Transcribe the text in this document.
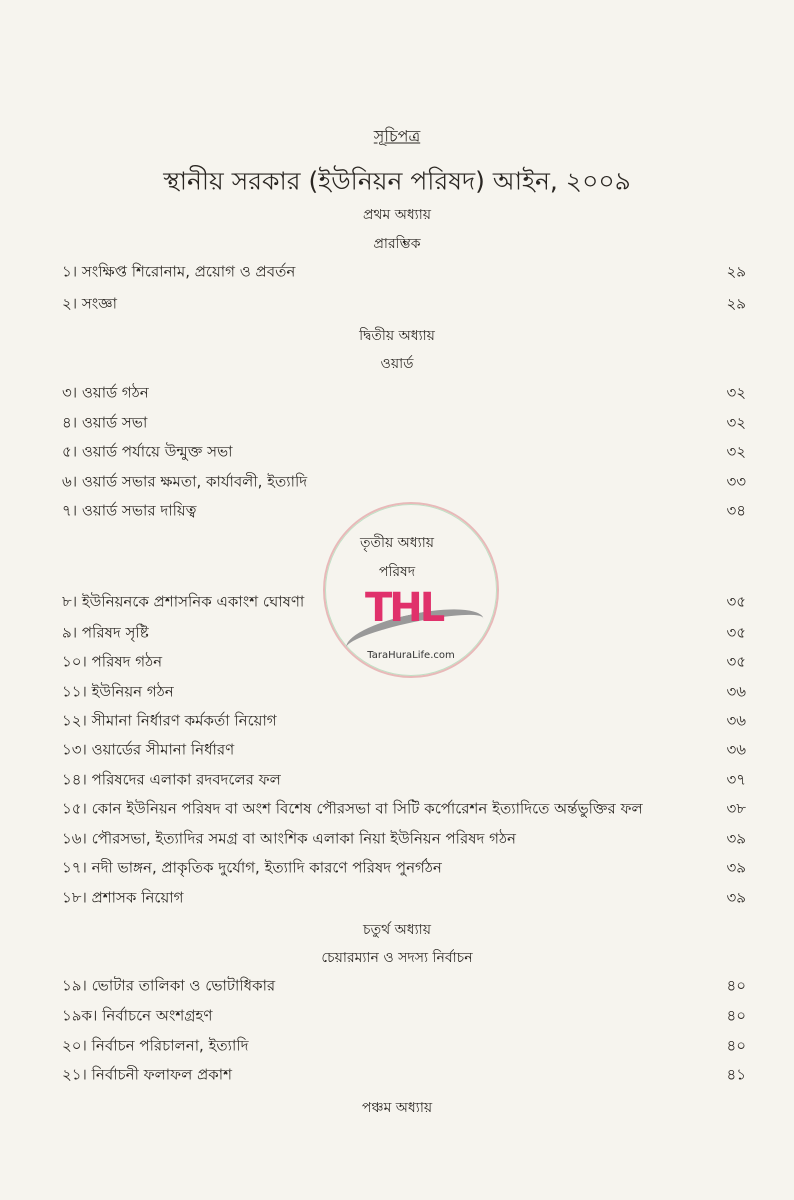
THL
TaraHuraLife.com
সূচিপত্র
স্থানীয় সরকার (ইউনিয়ন পরিষদ) আইন, ২০০৯
প্রথম অধ্যায়
প্রারম্ভিক
দ্বিতীয় অধ্যায়
ওয়ার্ড
তৃতীয় অধ্যায়
পরিষদ
চতুর্থ অধ্যায়
চেয়ারম্যান ও সদস্য নির্বাচন
পঞ্চম অধ্যায়
১। সংক্ষিপ্ত শিরোনাম, প্রয়োগ ও প্রবর্তন	২৯
২। সংজ্ঞা	২৯
৩। ওয়ার্ড গঠন	৩২
৪। ওয়ার্ড সভা	৩২
৫। ওয়ার্ড পর্যায়ে উন্মুক্ত সভা	৩২
৬। ওয়ার্ড সভার ক্ষমতা, কার্যাবলী, ইত্যাদি	৩৩
৭। ওয়ার্ড সভার দায়িত্ব	৩৪
৮। ইউনিয়নকে প্রশাসনিক একাংশ ঘোষণা	৩৫
৯। পরিষদ সৃষ্টি	৩৫
১০। পরিষদ গঠন	৩৫
১১। ইউনিয়ন গঠন	৩৬
১২। সীমানা নির্ধারণ কর্মকর্তা নিয়োগ	৩৬
১৩। ওয়ার্ডের সীমানা নির্ধারণ	৩৬
১৪। পরিষদের এলাকা রদবদলের ফল	৩৭
১৫। কোন ইউনিয়ন পরিষদ বা অংশ বিশেষ পৌরসভা বা সিটি কর্পোরেশন ইত্যাদিতে অর্ন্তভুক্তির ফল	৩৮
১৬। পৌরসভা, ইত্যাদির সমগ্র বা আংশিক এলাকা নিয়া ইউনিয়ন পরিষদ গঠন	৩৯
১৭। নদী ভাঙ্গন, প্রাকৃতিক দুর্যোগ, ইত্যাদি কারণে পরিষদ পুনর্গঠন	৩৯
১৮। প্রশাসক নিয়োগ	৩৯
১৯। ভোটার তালিকা ও ভোটাধিকার	৪০
১৯ক। নির্বাচনে অংশগ্রহণ	৪০
২০। নির্বাচন পরিচালনা, ইত্যাদি	৪০
২১। নির্বাচনী ফলাফল প্রকাশ	৪১
